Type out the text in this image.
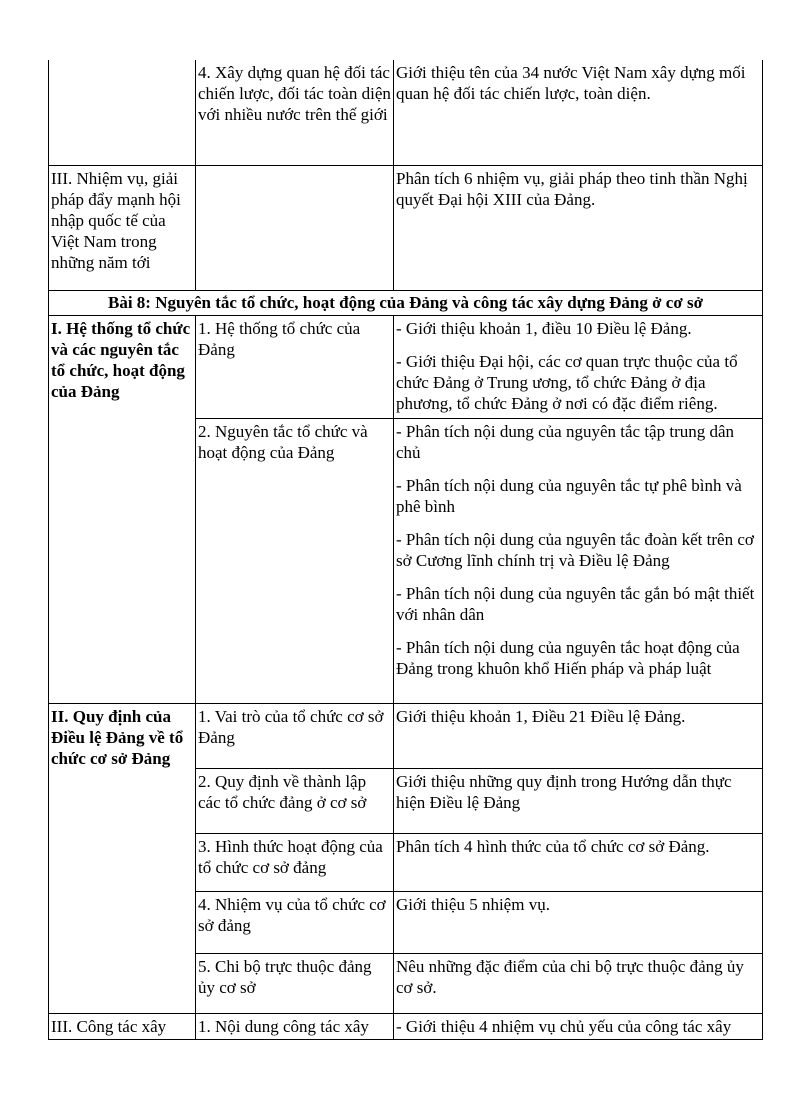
	4. Xây dựng quan hệ đối tác chiến lược, đối tác toàn diện với nhiều nước trên thế giới	Giới thiệu tên của 34 nước Việt Nam xây dựng mối quan hệ đối tác chiến lược, toàn diện.

III. Nhiệm vụ, giải pháp đẩy mạnh hội nhập quốc tế của Việt Nam trong những năm tới		Phân tích 6 nhiệm vụ, giải pháp theo tinh thần Nghị quyết Đại hội XIII của Đảng.

Bài 8: Nguyên tắc tổ chức, hoạt động của Đảng và công tác xây dựng Đảng ở cơ sở		

I. Hệ thống tổ chức và các nguyên tắc tổ chức, hoạt động của Đảng	1. Hệ thống tổ chức của Đảng	- Giới thiệu khoản 1, điều 10 Điều lệ Đảng.

- Giới thiệu Đại hội, các cơ quan trực thuộc của tổ chức Đảng ở Trung ương, tổ chức Đảng ở địa phương, tổ chức Đảng ở nơi có đặc điểm riêng.

	2. Nguyên tắc tổ chức và hoạt động của Đảng	- Phân tích nội dung của nguyên tắc tập trung dân chủ

- Phân tích nội dung của nguyên tắc tự phê bình và phê bình

- Phân tích nội dung của nguyên tắc đoàn kết trên cơ sở Cương lĩnh chính trị và Điều lệ Đảng

- Phân tích nội dung của nguyên tắc gắn bó mật thiết với nhân dân

- Phân tích nội dung của nguyên tắc hoạt động của Đảng trong khuôn khổ Hiến pháp và pháp luật

II. Quy định của Điều lệ Đảng về tổ chức cơ sở Đảng	1. Vai trò của tổ chức cơ sở Đảng	Giới thiệu khoản 1, Điều 21 Điều lệ Đảng.

	2. Quy định về thành lập các tổ chức đảng ở cơ sở	Giới thiệu những quy định trong Hướng dẫn thực hiện Điều lệ Đảng

	3. Hình thức hoạt động của tổ chức cơ sở đảng	Phân tích 4 hình thức của tổ chức cơ sở Đảng.

	4. Nhiệm vụ của tổ chức cơ sở đảng	Giới thiệu 5 nhiệm vụ.

	5. Chi bộ trực thuộc đảng ủy cơ sở	Nêu những đặc điểm của chi bộ trực thuộc đảng ủy cơ sở.

III. Công tác xây	1. Nội dung công tác xây	- Giới thiệu 4 nhiệm vụ chủ yếu của công tác xây
